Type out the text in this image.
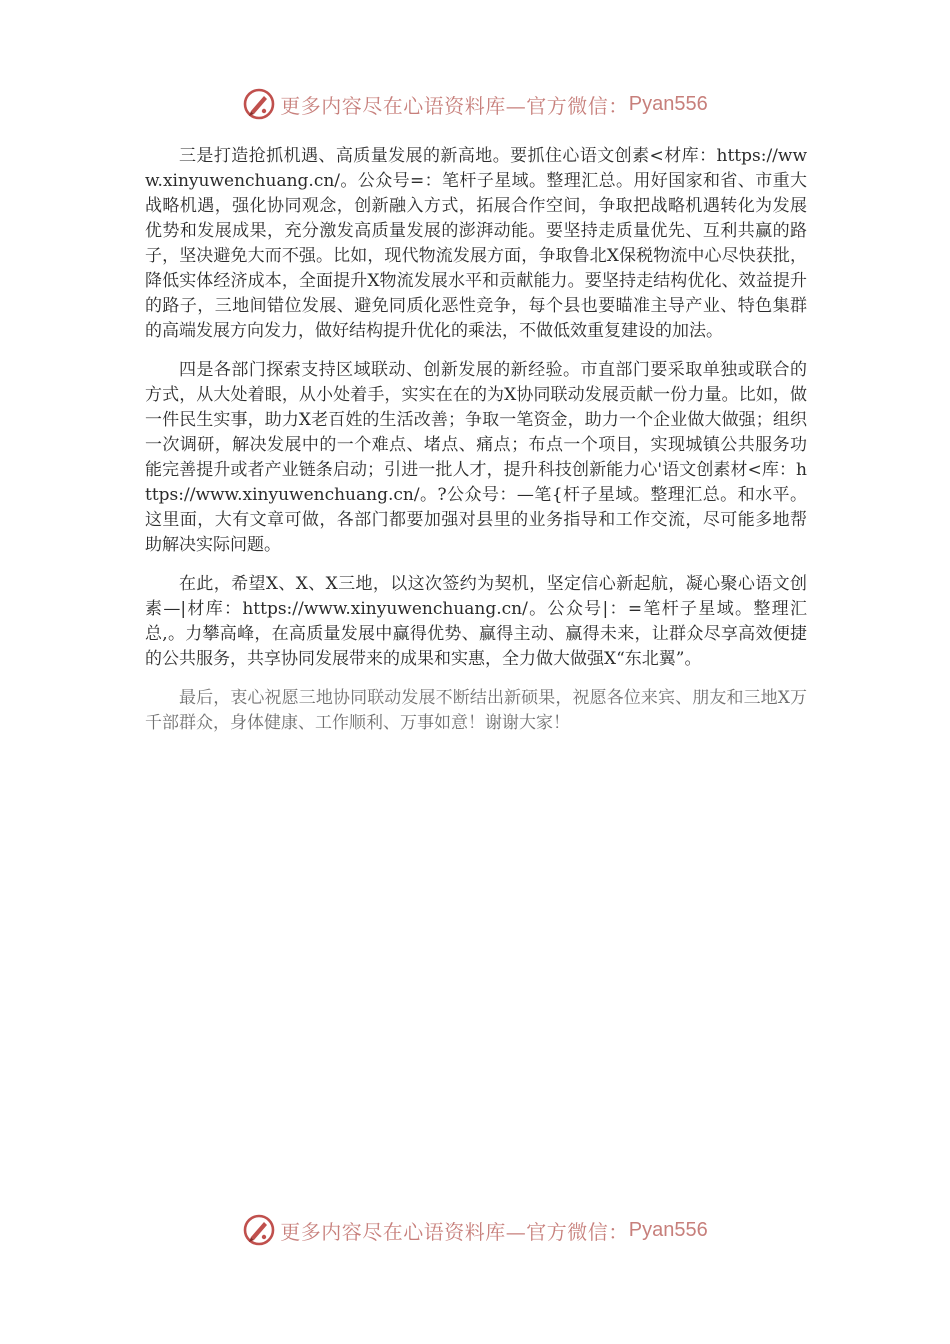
更多内容尽在心语资料库—官方微信： Pyan556

三是打造抢抓机遇、高质量发展的新高地。要抓住心语文创素<材库：https://www.xinyuwenchuang.cn/。公众号=：笔杆子星域。整理汇总。用好国家和省、市重大战略机遇，强化协同观念，创新融入方式，拓展合作空间，争取把战略机遇转化为发展优势和发展成果，充分激发高质量发展的澎湃动能。要坚持走质量优先、互利共赢的路子，坚决避免大而不强。比如，现代物流发展方面，争取鲁北X保税物流中心尽快获批，降低实体经济成本，全面提升X物流发展水平和贡献能力。要坚持走结构优化、效益提升的路子，三地间错位发展、避免同质化恶性竞争，每个县也要瞄准主导产业、特色集群的高端发展方向发力，做好结构提升优化的乘法，不做低效重复建设的加法。

四是各部门探索支持区域联动、创新发展的新经验。市直部门要采取单独或联合的方式，从大处着眼，从小处着手，实实在在的为X协同联动发展贡献一份力量。比如，做一件民生实事，助力X老百姓的生活改善；争取一笔资金，助力一个企业做大做强；组织一次调研，解决发展中的一个难点、堵点、痛点；布点一个项目，实现城镇公共服务功能完善提升或者产业链条启动；引进一批人才，提升科技创新能力心'语文创素材<库：https://www.xinyuwenchuang.cn/。?公众号：—笔{杆子星域。整理汇总。和水平。这里面，大有文章可做，各部门都要加强对县里的业务指导和工作交流，尽可能多地帮助解决实际问题。

在此，希望X、X、X三地，以这次签约为契机，坚定信心新起航，凝心聚心语文创素—|材库：https://www.xinyuwenchuang.cn/。公众号|：=笔杆子星域。整理汇总,。力攀高峰，在高质量发展中赢得优势、赢得主动、赢得未来，让群众尽享高效便捷的公共服务，共享协同发展带来的成果和实惠，全力做大做强X“东北翼”。

最后，衷心祝愿三地协同联动发展不断结出新硕果，祝愿各位来宾、朋友和三地X万千部群众，身体健康、工作顺利、万事如意！谢谢大家！

更多内容尽在心语资料库—官方微信： Pyan556
